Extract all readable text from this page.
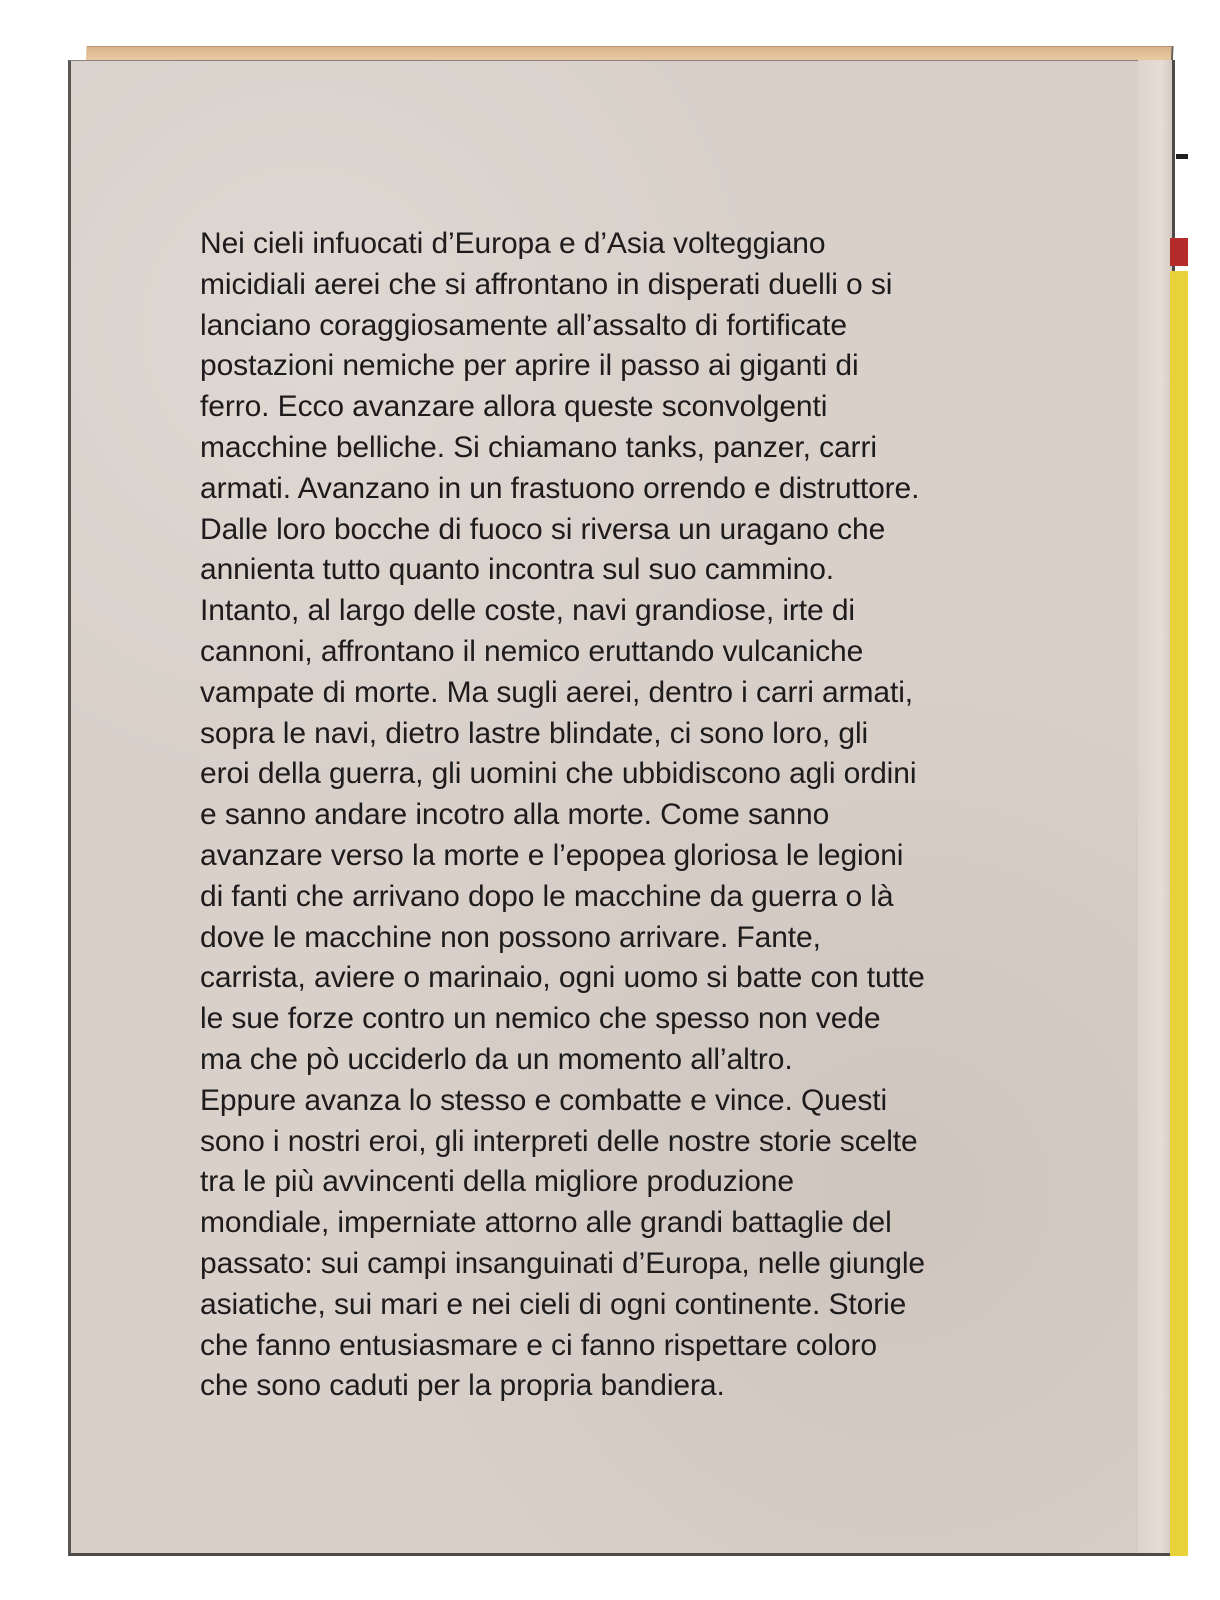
Nei cieli infuocati d’Europa e d’Asia volteggiano
micidiali aerei che si affrontano in disperati duelli o si
lanciano coraggiosamente all’assalto di fortificate
postazioni nemiche per aprire il passo ai giganti di
ferro. Ecco avanzare allora queste sconvolgenti
macchine belliche. Si chiamano tanks, panzer, carri
armati. Avanzano in un frastuono orrendo e distruttore.
Dalle loro bocche di fuoco si riversa un uragano che
annienta tutto quanto incontra sul suo cammino.
Intanto, al largo delle coste, navi grandiose, irte di
cannoni, affrontano il nemico eruttando vulcaniche
vampate di morte. Ma sugli aerei, dentro i carri armati,
sopra le navi, dietro lastre blindate, ci sono loro, gli
eroi della guerra, gli uomini che ubbidiscono agli ordini
e sanno andare incotro alla morte. Come sanno
avanzare verso la morte e l’epopea gloriosa le legioni
di fanti che arrivano dopo le macchine da guerra o là
dove le macchine non possono arrivare. Fante,
carrista, aviere o marinaio, ogni uomo si batte con tutte
le sue forze contro un nemico che spesso non vede
ma che pò ucciderlo da un momento all’altro.
Eppure avanza lo stesso e combatte e vince. Questi
sono i nostri eroi, gli interpreti delle nostre storie scelte
tra le più avvincenti della migliore produzione
mondiale, imperniate attorno alle grandi battaglie del
passato: sui campi insanguinati d’Europa, nelle giungle
asiatiche, sui mari e nei cieli di ogni continente. Storie
che fanno entusiasmare e ci fanno rispettare coloro
che sono caduti per la propria bandiera.
